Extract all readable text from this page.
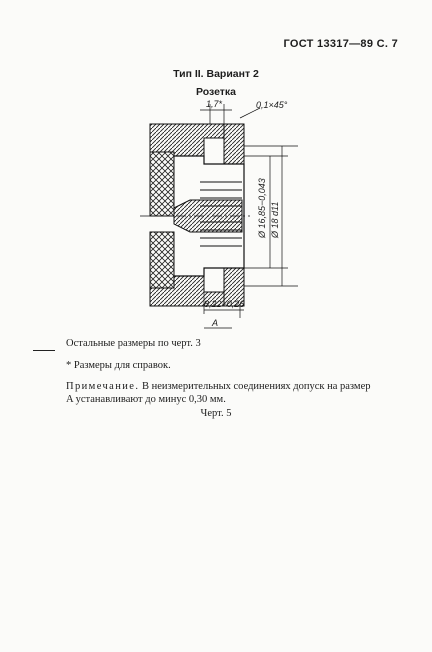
ГОСТ 13317—89 С. 7
Тип II. Вариант 2
Розетка
1,7*	0,1×45°
Ø 16,85−0,043 Ø 18 d11
8,22−0,26
A
Остальные размеры по черт. 3
* Размеры для справок.
Примечание. В неизмерительных соединениях допуск на размер A устанавливают до минус 0,30 мм.
Черт. 5
